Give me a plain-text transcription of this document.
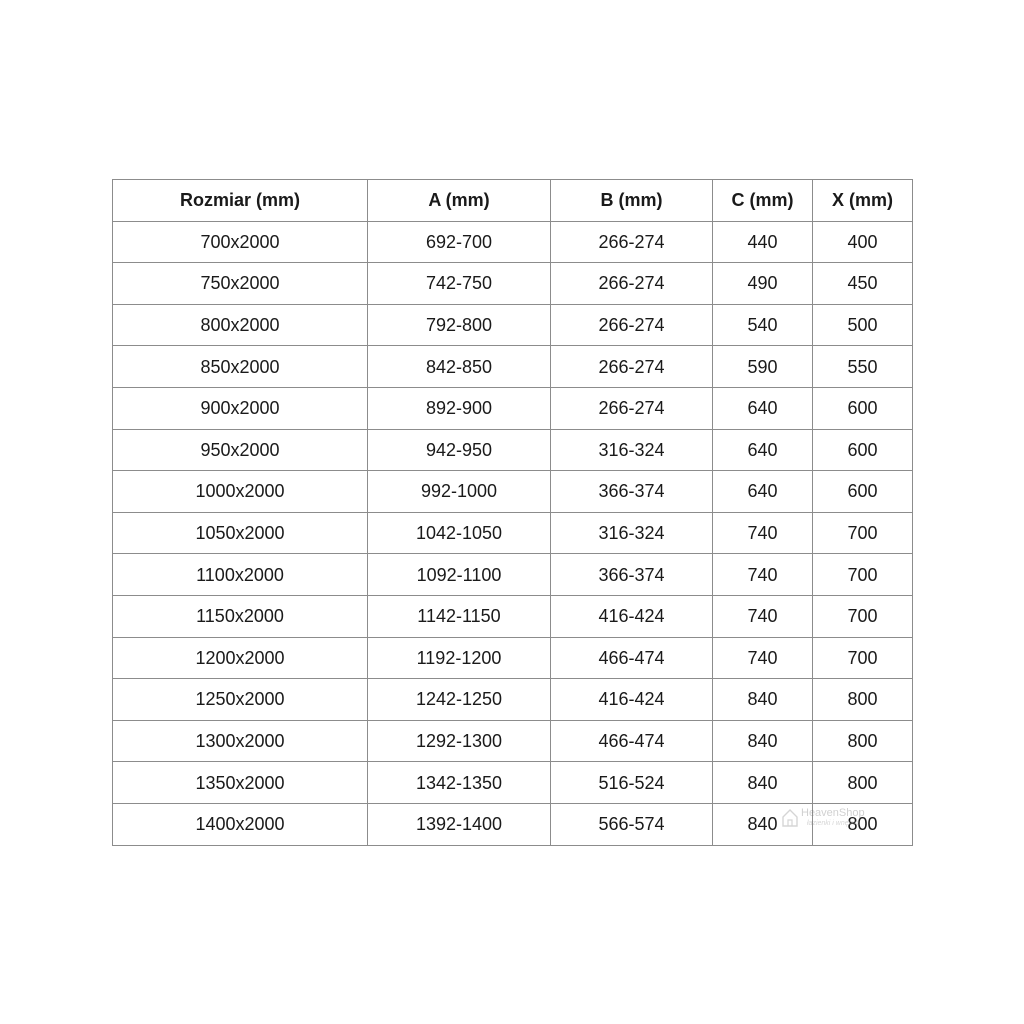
Rozmiar (mm)	A (mm)	B (mm)	C (mm)	X (mm)
700x2000	692-700	266-274	440	400
750x2000	742-750	266-274	490	450
800x2000	792-800	266-274	540	500
850x2000	842-850	266-274	590	550
900x2000	892-900	266-274	640	600
950x2000	942-950	316-324	640	600
1000x2000	992-1000	366-374	640	600
1050x2000	1042-1050	316-324	740	700
1100x2000	1092-1100	366-374	740	700
1150x2000	1142-1150	416-424	740	700
1200x2000	1192-1200	466-474	740	700
1250x2000	1242-1250	416-424	840	800
1300x2000	1292-1300	466-474	840	800
1350x2000	1342-1350	516-524	840	800
1400x2000	1392-1400	566-574	840	800
HeavenShop
łazienki i wnętrza
